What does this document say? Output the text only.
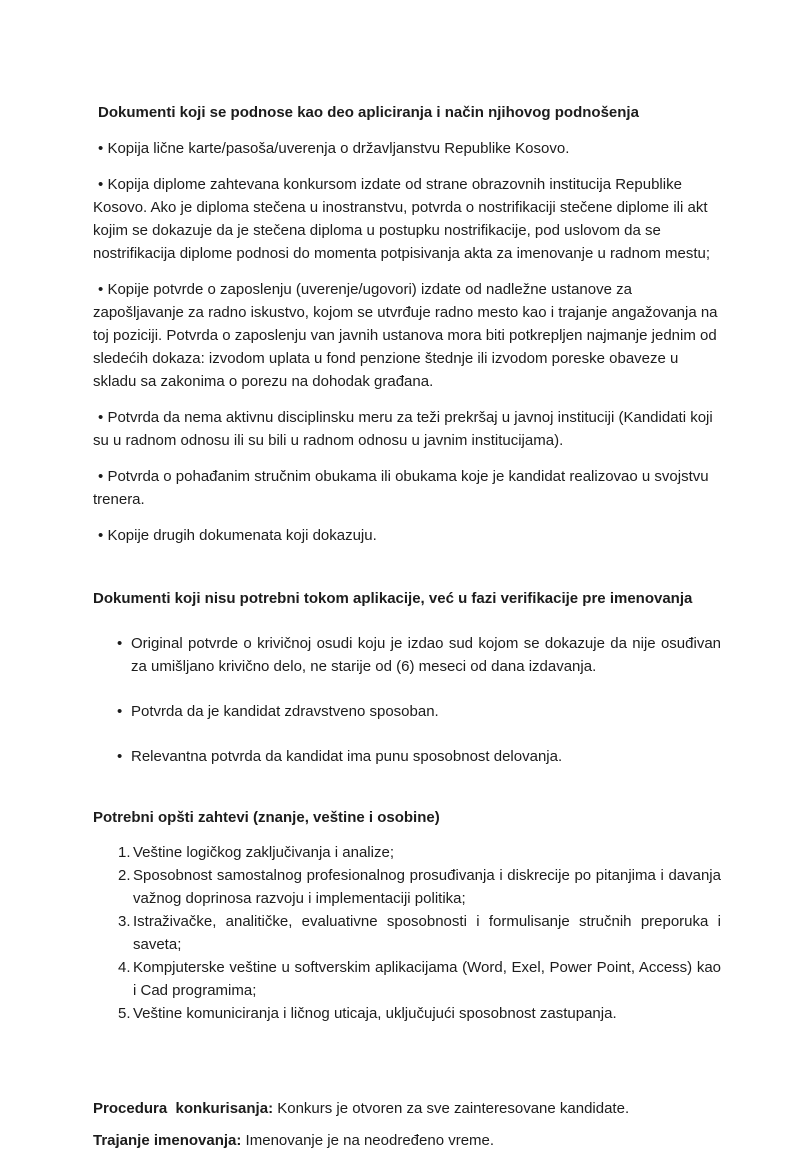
Dokumenti koji se podnose kao deo apliciranja i način njihovog podnošenja

• Kopija lične karte/pasoša/uverenja o državljanstvu Republike Kosovo.

• Kopija diplome zahtevana konkursom izdate od strane obrazovnih institucija Republike Kosovo. Ako je diploma stečena u inostranstvu, potvrda o nostrifikaciji stečene diplome ili akt kojim se dokazuje da je stečena diploma u postupku nostrifikacije, pod uslovom da se nostrifikacija diplome podnosi do momenta potpisivanja akta za imenovanje u radnom mestu;

• Kopije potvrde o zaposlenju (uverenje/ugovori) izdate od nadležne ustanove za zapošljavanje za radno iskustvo, kojom se utvrđuje radno mesto kao i trajanje angažovanja na toj poziciji. Potvrda o zaposlenju van javnih ustanova mora biti potkrepljen najmanje jednim od sledećih dokaza: izvodom uplata u fond penzione štednje ili izvodom poreske obaveze u skladu sa zakonima o porezu na dohodak građana.

• Potvrda da nema aktivnu disciplinsku meru za teži prekršaj u javnoj instituciji (Kandidati koji su u radnom odnosu ili su bili u radnom odnosu u javnim institucijama).

• Potvrda o pohađanim stručnim obukama ili obukama koje je kandidat realizovao u svojstvu trenera.

• Kopije drugih dokumenata koji dokazuju.

Dokumenti koji nisu potrebni tokom aplikacije, već u fazi verifikacije pre imenovanja

• Original potvrde o krivičnoj osudi koju je izdao sud kojom se dokazuje da nije osuđivan za umišljano krivično delo, ne starije od (6) meseci od dana izdavanja.
• Potvrda da je kandidat zdravstveno sposoban.
• Relevantna potvrda da kandidat ima punu sposobnost delovanja.

Potrebni opšti zahtevi (znanje, veštine i osobine)

1. Veštine logičkog zaključivanja i analize;
2. Sposobnost samostalnog profesionalnog prosuđivanja i diskrecije po pitanjima i davanja važnog doprinosa razvoju i implementaciji politika;
3. Istraživačke, analitičke, evaluativne sposobnosti i formulisanje stručnih preporuka i saveta;
4. Kompjuterske veštine u softverskim aplikacijama (Word, Exel, Power Point, Access) kao i Cad programima;
5. Veštine komuniciranja i ličnog uticaja, uključujući sposobnost zastupanja.

Procedura  konkurisanja: Konkurs je otvoren za sve zainteresovane kandidate.

Trajanje imenovanja: Imenovanje je na neodređeno vreme.
